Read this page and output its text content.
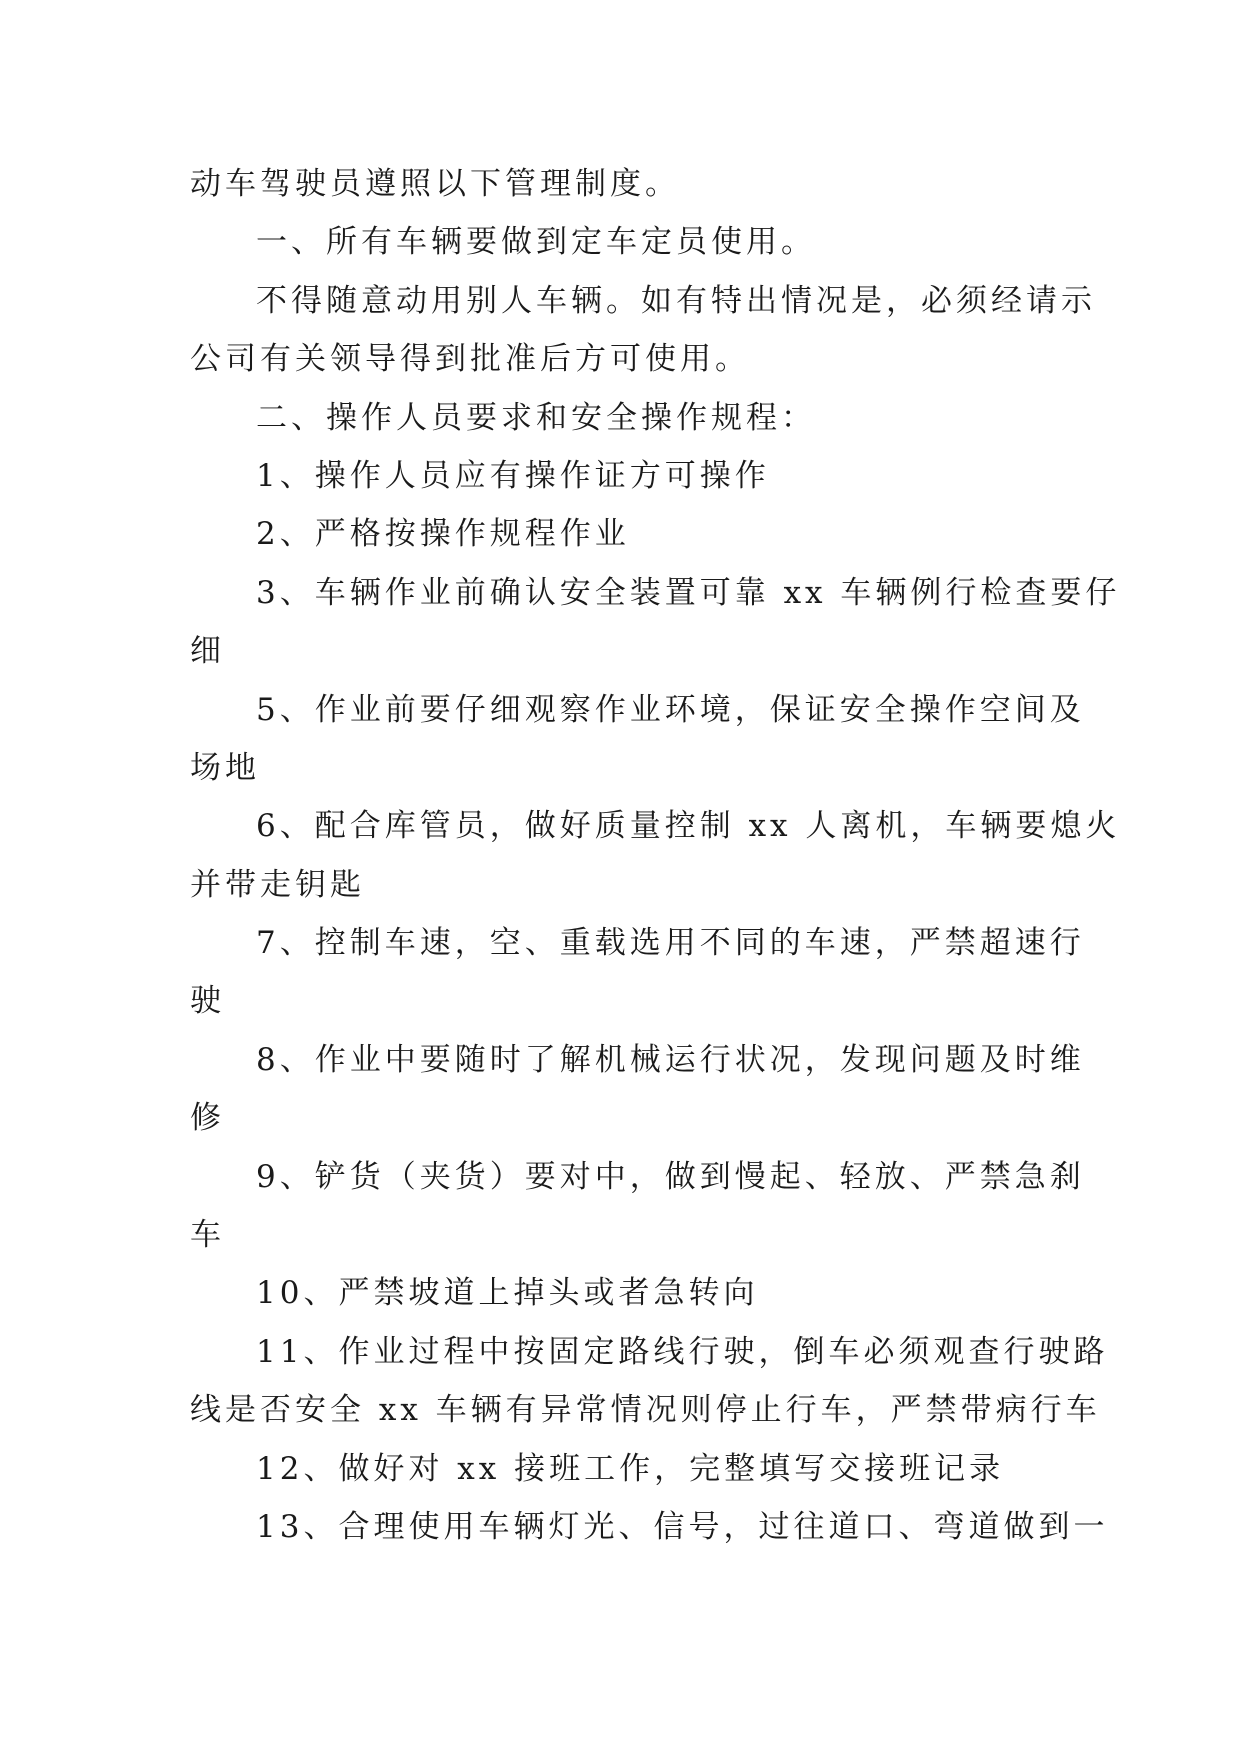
动车驾驶员遵照以下管理制度。
一、所有车辆要做到定车定员使用。
不得随意动用别人车辆。如有特出情况是，必须经请示
公司有关领导得到批准后方可使用。
二、操作人员要求和安全操作规程：
1、操作人员应有操作证方可操作
2、严格按操作规程作业
3、车辆作业前确认安全装置可靠 xx 车辆例行检查要仔
细
5、作业前要仔细观察作业环境，保证安全操作空间及
场地
6、配合库管员，做好质量控制 xx 人离机，车辆要熄火
并带走钥匙
7、控制车速，空、重载选用不同的车速，严禁超速行
驶
8、作业中要随时了解机械运行状况，发现问题及时维
修
9、铲货（夹货）要对中，做到慢起、轻放、严禁急刹
车
10、严禁坡道上掉头或者急转向
11、作业过程中按固定路线行驶，倒车必须观查行驶路
线是否安全 xx 车辆有异常情况则停止行车，严禁带病行车
12、做好对 xx 接班工作，完整填写交接班记录
13、合理使用车辆灯光、信号，过往道口、弯道做到一
